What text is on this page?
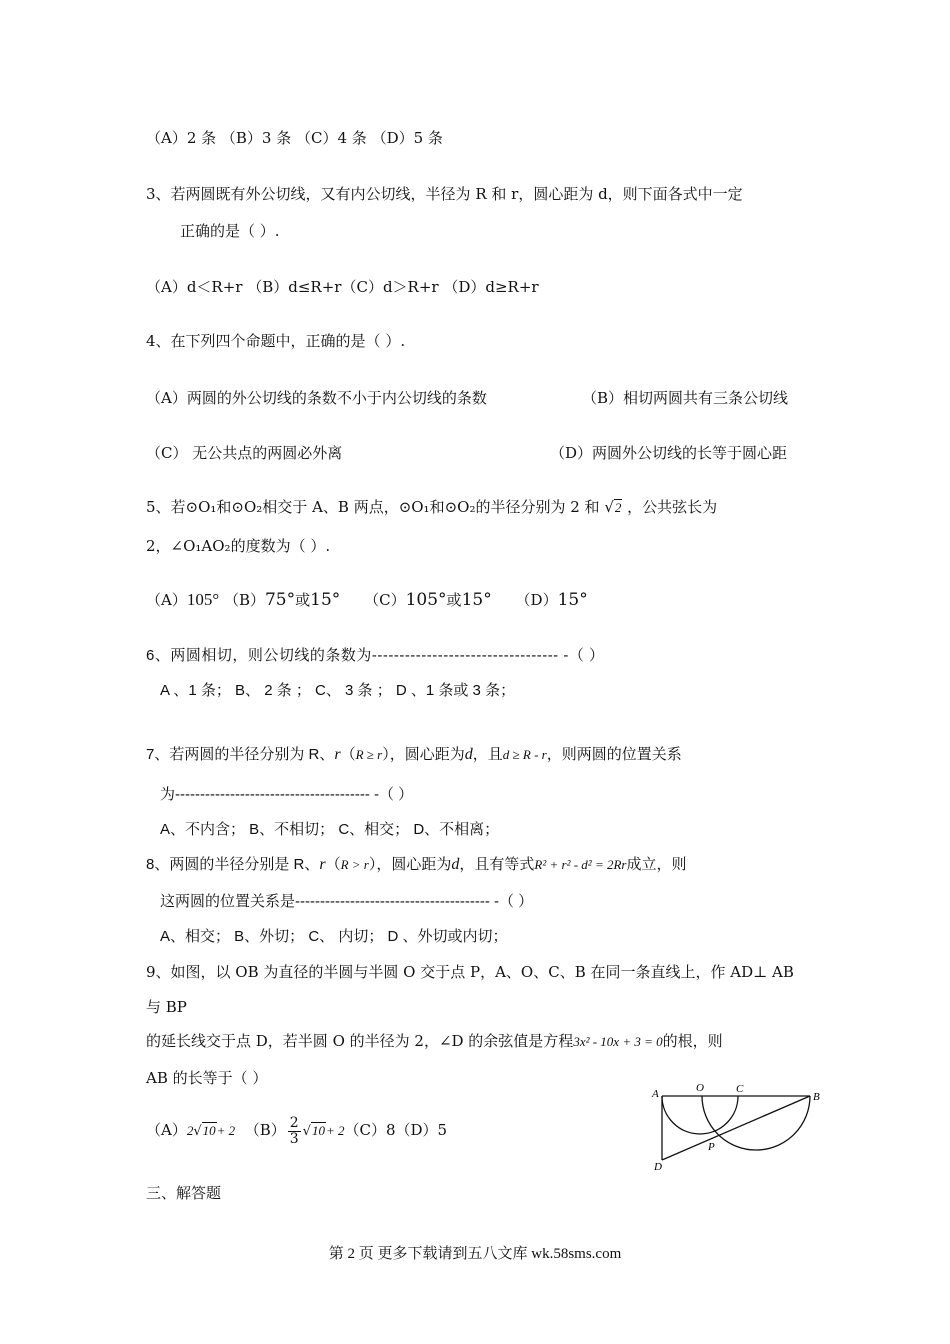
（A）2 条 （B）3 条 （C）4 条 （D）5 条
3、若两圆既有外公切线，又有内公切线，半径为 R 和 r，圆心距为 d，则下面各式中一定
正确的是（ ）.
（A）d＜R+r （B）d≤R+r（C）d＞R+r （D）d≥R+r
4、在下列四个命题中，正确的是（ ）.
（A）两圆的外公切线的条数不小于内公切线的条数	（B）相切两圆共有三条公切线
（C） 无公共点的两圆必外离	（D）两圆外公切线的长等于圆心距
5、若⊙O₁和⊙O₂相交于 A、B 两点，⊙O₁和⊙O₂的半径分别为 2 和 √2 ，公共弦长为
2，∠O₁AO₂的度数为（ ）.
（A）105° （B）75°或15° （C）105°或15° （D）15°
6、两圆相切，则公切线的条数为---------------------------------- -（ ）
A 、1 条； B、 2 条 ； C、 3 条 ； D 、1 条或 3 条；
7、若两圆的半径分别为 R、r（R ≥ r），圆心距为d，且d ≥ R - r，则两圆的位置关系
为--------------------------------------- -（ ）
A、不内含； B、不相切； C、相交； D、不相离；
8、两圆的半径分别是 R、r（R > r），圆心距为d，且有等式R² + r² - d² = 2Rr成立，则
这两圆的位置关系是--------------------------------------- -（ ）
A、相交； B、外切； C、 内切； D 、外切或内切；
9、如图，以 OB 为直径的半圆与半圆 O 交于点 P，A、O、C、B 在同一条直线上，作 AD⊥ AB
与 BP
的延长线交于点 D，若半圆 O 的半径为 2，∠D 的余弦值是方程3x² - 10x + 3 = 0的根，则
AB 的长等于（ ）
（A）2√10+ 2 $(B) \frac{2}{3} √10+ 2(C)8(D)5$
A	O	C
B
P
D
三、解答题
第 2 页 更多下载请到五八文库 wk.58sms.com
